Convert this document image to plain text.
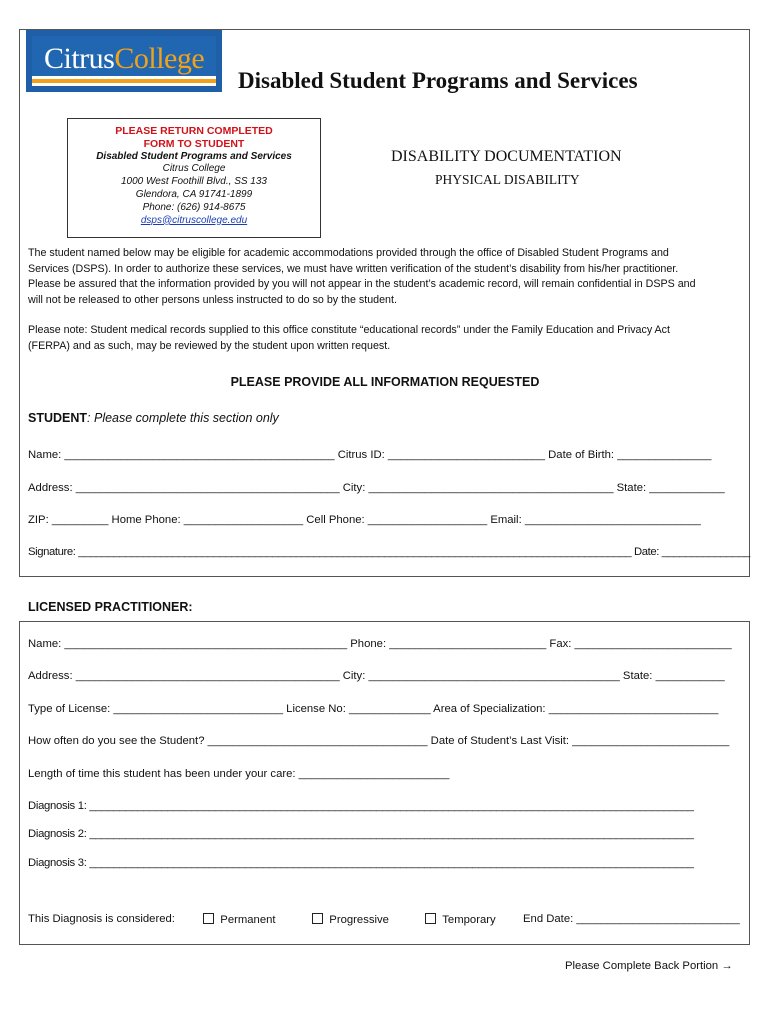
CitrusCollege
Disabled Student Programs and Services
PLEASE RETURN COMPLETED
FORM TO STUDENT
Disabled Student Programs and Services
Citrus College
1000 West Foothill Blvd., SS 133
Glendora, CA 91741-1899
Phone: (626) 914-8675
dsps@citruscollege.edu
DISABILITY DOCUMENTATION
PHYSICAL DISABILITY
The student named below may be eligible for academic accommodations provided through the office of Disabled Student Programs and
Services (DSPS). In order to authorize these services, we must have written verification of the student’s disability from his/her practitioner.
Please be assured that the information provided by you will not appear in the student’s academic record, will remain confidential in DSPS and
will not be released to other persons unless instructed to do so by the student.
Please note: Student medical records supplied to this office constitute “educational records” under the Family Education and Privacy Act
(FERPA) and as such, may be reviewed by the student upon written request.
PLEASE PROVIDE ALL INFORMATION REQUESTED
STUDENT: Please complete this section only
Name: ___________________________________________ Citrus ID: _________________________ Date of Birth: _______________
Address: __________________________________________ City: _______________________________________ State: ____________
ZIP: _________ Home Phone: ___________________ Cell Phone: ___________________ Email: ____________________________
Signature: ______________________________________________________________________________________________ Date: _______________
LICENSED PRACTITIONER:
Name: _____________________________________________ Phone: _________________________ Fax: _________________________
Address: __________________________________________ City: ________________________________________ State: ___________
Type of License: ___________________________ License No: _____________ Area of Specialization: ___________________________
How often do you see the Student? ___________________________________ Date of Student’s Last Visit: _________________________
Length of time this student has been under your care: ________________________
Diagnosis 1: _____________________________________________________________________________________________________
Diagnosis 2: _____________________________________________________________________________________________________
Diagnosis 3: _____________________________________________________________________________________________________
This Diagnosis is considered:	Permanent	Progressive	Temporary End Date: __________________________
Please Complete Back Portion →
